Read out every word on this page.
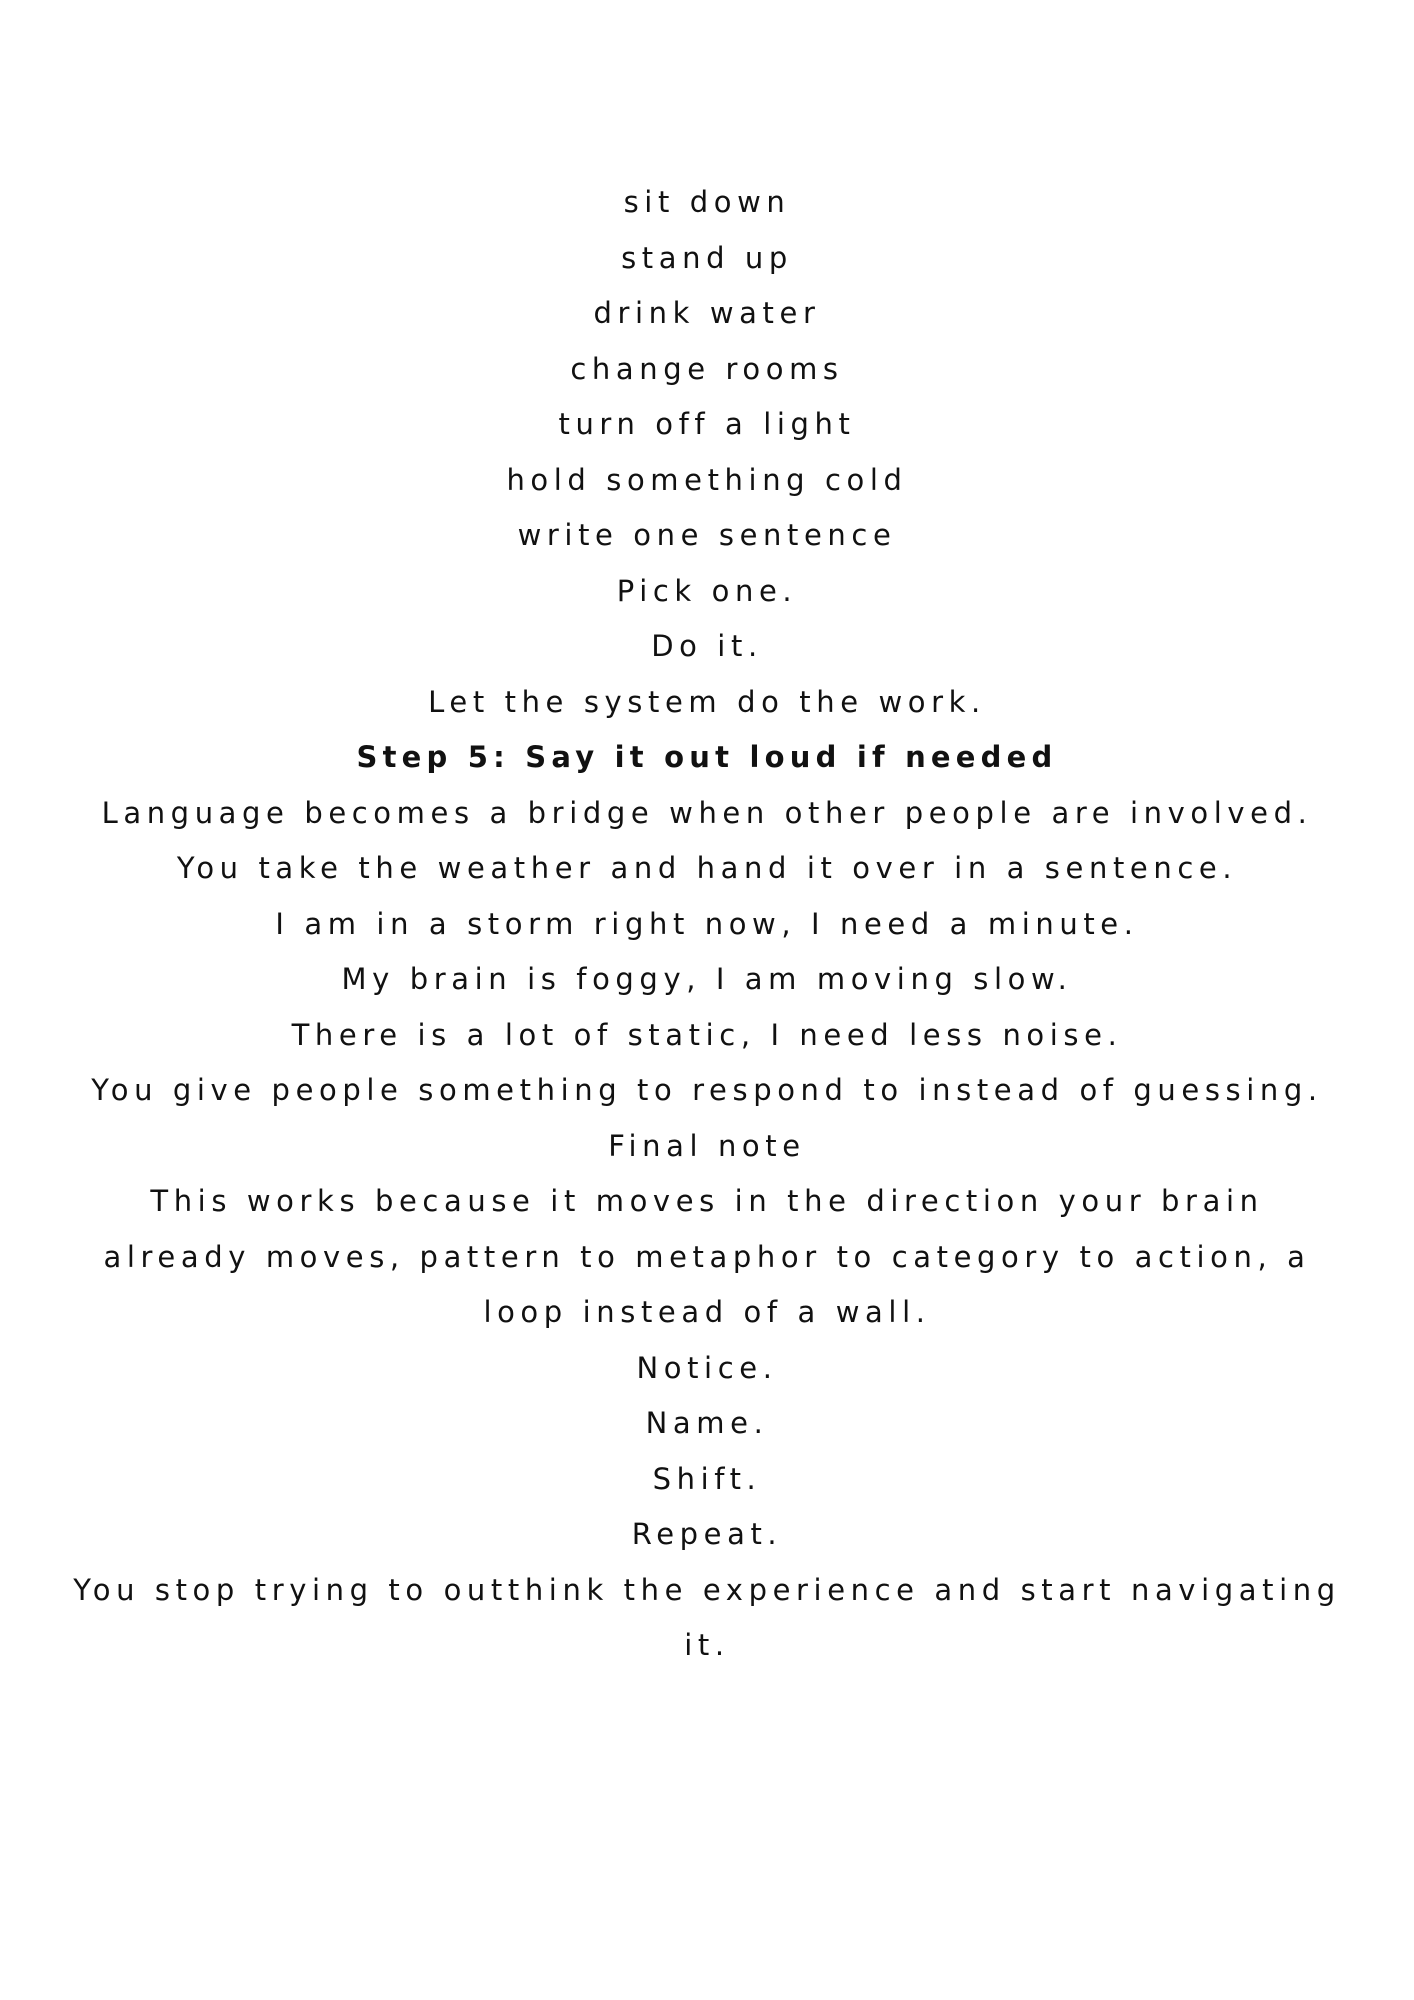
sit down

stand up

drink water

change rooms

turn off a light

hold something cold

write one sentence

Pick one.

Do it.

Let the system do the work.

Step 5: Say it out loud if needed

Language becomes a bridge when other people are involved.

You take the weather and hand it over in a sentence.

I am in a storm right now, I need a minute.

My brain is foggy, I am moving slow.

There is a lot of static, I need less noise.

You give people something to respond to instead of guessing.

Final note

This works because it moves in the direction your brain already moves, pattern to metaphor to category to action, a loop instead of a wall.

Notice.

Name.

Shift.

Repeat.

You stop trying to outthink the experience and start navigating it.
